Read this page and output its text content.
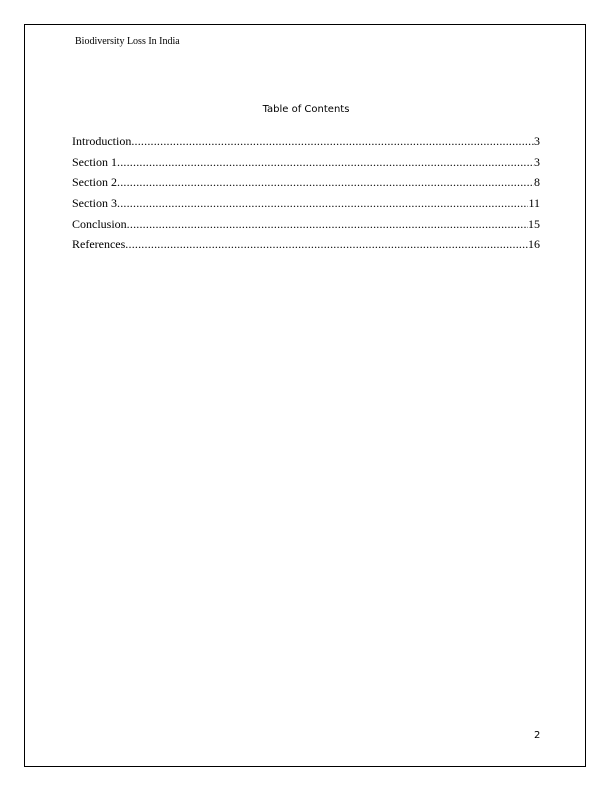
Biodiversity Loss In India
Table of Contents
Introduction .....	3
Section 1 .....	3
Section 2 .....	8
Section 3 .....	11
Conclusion .....	15
References .....	16
2
